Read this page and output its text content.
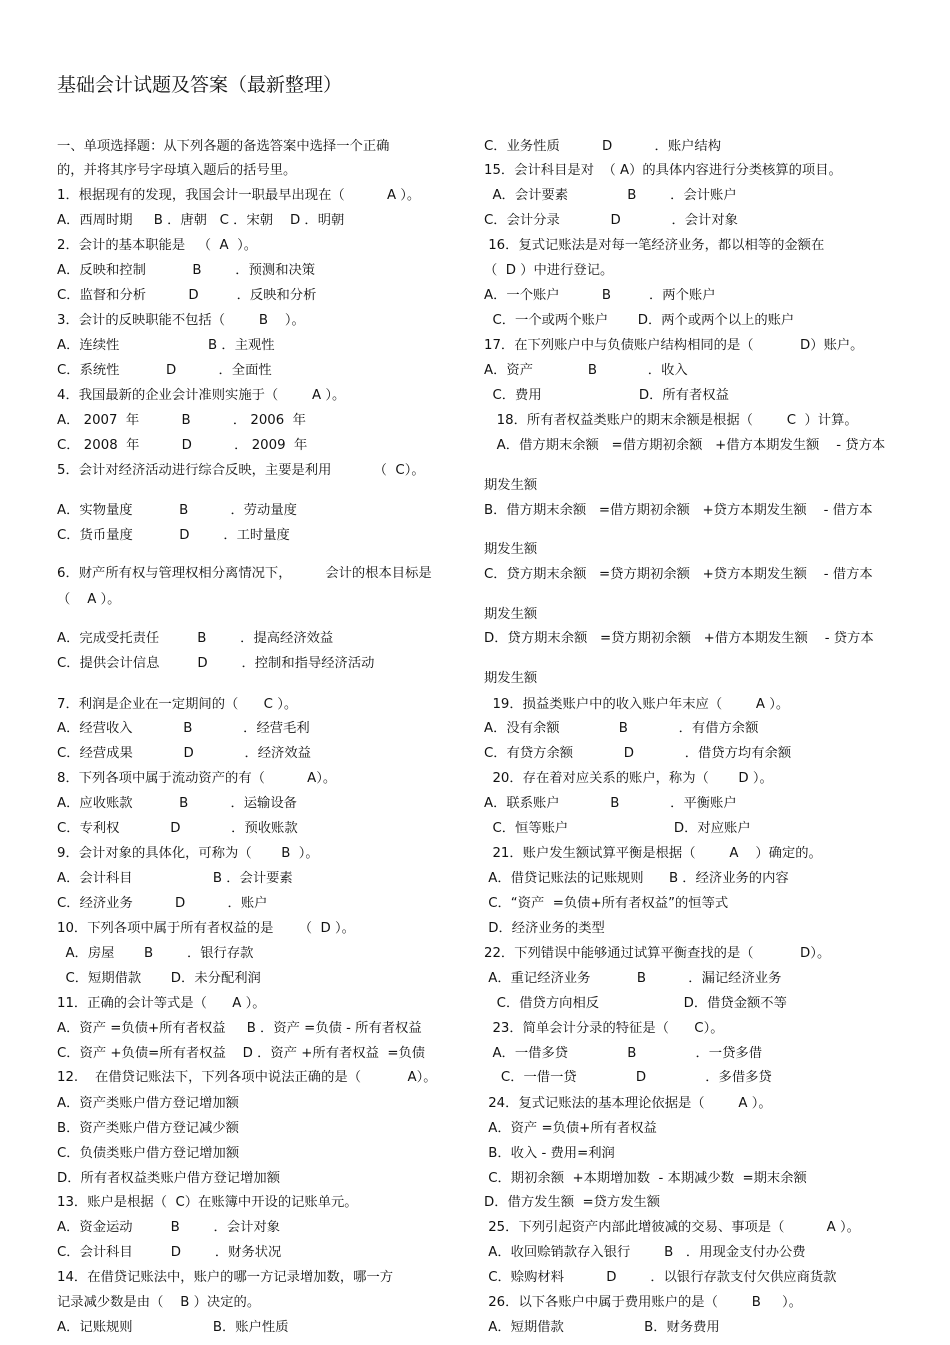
基础会计试题及答案（最新整理）
一、单项选择题：从下列各题的备选答案中选择一个正确
的，并将其序号字母填入题后的括号里。
1．根据现有的发现，我国会计一职最早出现在（          A ）。
A．西周时期     B ．唐朝   C ．宋朝    D ．明朝
2．会计的基本职能是   （  A  ）。
A．反映和控制           B        ．预测和决策
C．监督和分析          D         ．反映和分析
3．会计的反映职能不包括（        B    ）。
A．连续性                     B ．主观性
C．系统性           D          ．全面性
4．我国最新的企业会计准则实施于（        A ）。
A． 2007  年          B          ． 2006  年
C． 2008  年          D          ． 2009  年
5．会计对经济活动进行综合反映，主要是利用          （  C）。
A．实物量度           B          ．劳动量度
C．货币量度           D        ．工时量度
6．财产所有权与管理权相分离情况下，        会计的根本目标是
（    A ）。
A．完成受托责任         B        ．提高经济效益
C．提供会计信息         D        ．控制和指导经济活动
7．利润是企业在一定期间的（      C ）。
A．经营收入            B            ．经营毛利
C．经营成果            D            ．经济效益
8．下列各项中属于流动资产的有（          A）。
A．应收账款           B          ．运输设备
C．专利权            D            ．预收账款
9．会计对象的具体化，可称为（       B  ）。
A．会计科目                   B ．会计要素
C．经济业务          D          ．账户
10．下列各项中属于所有者权益的是      （  D ）。
A．房屋       B        ．银行存款
C．短期借款       D．未分配利润
11．正确的会计等式是（      A ）。
A．资产 =负债+所有者权益     B ．资产 =负债 - 所有者权益
C．资产 +负债=所有者权益    D ．资产 +所有者权益  =负债
12.    在借贷记账法下，下列各项中说法正确的是（           A）。
A．资产类账户借方登记增加额
B．资产类账户借方登记减少额
C．负债类账户借方登记增加额
D．所有者权益类账户借方登记增加额
13．账户是根据（  C）在账簿中开设的记账单元。
A．资金运动         B        ．会计对象
C．会计科目         D        ．财务状况
14．在借贷记账法中，账户的哪一方记录增加数，哪一方
记录减少数是由（    B ）决定的。
A．记账规则                   B．账户性质
C．业务性质          D          ．账户结构
15．会计科目是对  （ A）的具体内容进行分类核算的项目。
A．会计要素              B        ．会计账户
C．会计分录            D            ．会计对象
16．复式记账法是对每一笔经济业务，都以相等的金额在
（  D ）中进行登记。
A．一个账户          B         ．两个账户
C．一个或两个账户       D．两个或两个以上的账户
17．在下列账户中与负债账户结构相同的是（           D）账户。
A．资产             B            ．收入
C．费用                       D．所有者权益
18．所有者权益类账户的期末余额是根据（        C  ）计算。
A．借方期末余额   =借方期初余额   +借方本期发生额    - 贷方本
期发生额
B．借方期末余额   =借方期初余额   +贷方本期发生额    - 借方本
期发生额
C．贷方期末余额   =贷方期初余额   +贷方本期发生额    - 借方本
期发生额
D．贷方期末余额   =贷方期初余额   +借方本期发生额    - 贷方本
期发生额
19．损益类账户中的收入账户年末应（        A ）。
A．没有余额              B            ．有借方余额
C．有贷方余额            D            ．借贷方均有余额
20．存在着对应关系的账户，称为（       D ）。
A．联系账户            B            ．平衡账户
C．恒等账户                         D．对应账户
21．账户发生额试算平衡是根据（        A    ）确定的。
A．借贷记账法的记账规则      B ．经济业务的内容
C．“资产  =负债+所有者权益”的恒等式
D．经济业务的类型
22．下列错误中能够通过试算平衡查找的是（           D）。
A．重记经济业务           B          ．漏记经济业务
C．借贷方向相反                    D．借贷金额不等
23．简单会计分录的特征是（      C）。
A．一借多贷              B              ．一贷多借
C．一借一贷              D              ．多借多贷
24．复式记账法的基本理论依据是（        A ）。
A．资产 =负债+所有者权益
B．收入 - 费用=利润
C．期初余额  +本期增加数  - 本期减少数  =期末余额
D．借方发生额  =贷方发生额
25．下列引起资产内部此增彼减的交易、事项是（          A ）。
A．收回赊销款存入银行        B   ．用现金支付办公费
C．赊购材料          D        ．以银行存款支付欠供应商货款
26．以下各账户中属于费用账户的是（        B     ）。
A．短期借款                   B．财务费用
